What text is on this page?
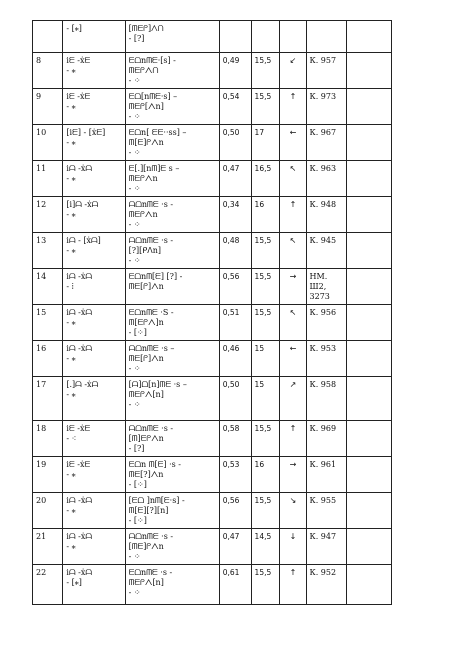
	- [⁎]	[ᗰᗴᑭ]⋀ᑎ
- [?]					

8	iᗴ -ẋᗴ
- ⁎	ᗴᗝnᗰᗴ·[s] -
ᗰᗴᑭᐱᑎ
- ⁘	0,49	15,5	↙	К. 957	

9	iᗴ -ẋᗴ
- ⁎	ᗴᗝ[nᗰᗴ·s] –
ᗰᗴᑭ[ᐱn]
- ⁘	0,54	15,5	↑	К. 973	

10	[iᗴ] - [ẋᗴ]
- ⁎	ᗴᗝn[ ᗴᗴ··ss] –
ᗰ[ᗴ]ᑭᐱn
- ⁘	0,50	17	←	К. 967	

11	iᗩ -ẋᗩ
- ⁎	ᗴ[.][nᗰ]ᗴ s –
ᗰᗴᑭᐱn
- ⁘	0,47	16,5	↖	К. 963	

12	[i]ᗩ -ẋᗩ
- ⁎	ᗩᗝnᗰᗴ ·s -
ᗰᗴᑭᐱn
- ⁘	0,34	16	↑	К. 948	

13	iᗩ - [ẋᗩ]
- ⁎	ᗩᗝnᗰᗴ ·s -
[?][ᑭᐱn]
- ⁘	0,48	15,5	↖	К. 945	

14	iᗩ -ẋᗩ
- ⁞	ᗴᗝnᗰ[ᗴ] [?] -
ᗰᗴ[ᑭ]ᐱn	0,56	15,5	→	НМ.
Ш2,
3273	

15	iᗩ -ẋᗩ
- ⁎	ᗴᗝnᗰᗴ ·S -
ᗰ[ᗴᑭᐱ]n
- [⁘]	0,51	15,5	↖	К. 956	

16	iᗩ -ẋᗩ
- ⁎	ᗩᗝnᗰᗴ ·s –
ᗰᗴ[ᑭ]ᐱn
- ⁘	0,46	15	←	К. 953	

17	[.]ᗩ -ẋᗩ
- ⁎	[ᗩ]ᗝ[n]ᗰᗴ ·s –
ᗰᗴᑭᐱ[n]
- ⁘	0,50	15	↗	К. 958	

18	iᗴ -ẋᗴ
- ⁖	ᗩᗝnᗰᗴ ·s -
[ᗰ]ᗴᑭᐱn
- [?]	0,58	15,5	↑	К. 969	

19	iᗴ -ẋᗴ
- ⁎	ᗴᗝn ᗰ[ᗴ] ·s -
ᗰᗴ[?]ᐱn
- [⁘]	0,53	16	→	К. 961	

20	iᗩ -ẋᗩ
- ⁎	[ᗴᗝ ]nᗰ[ᗴ·s] -
ᗰ[ᗴ][?][n]
- [⁘]	0,56	15,5	↘	К. 955	

21	iᗩ -ẋᗩ
- ⁎	ᗩᗝnᗰᗴ ·s -
[ᗰᗴ]ᑭᐱn
- ⁘	0,47	14,5	↓	К. 947	

22	iᗩ -ẋᗩ
- [⁎]	ᗴᗝnᗰᗴ ·s -
ᗰᗴᑭᐱ[n]
- ⁘	0,61	15,5	↑	К. 952	
